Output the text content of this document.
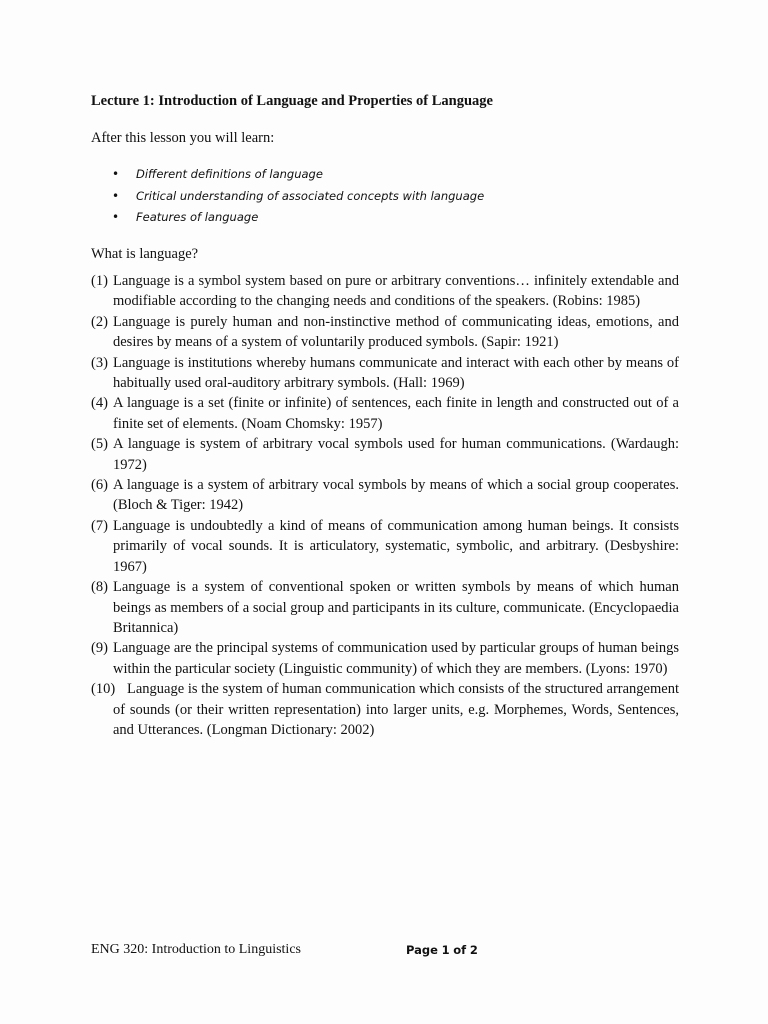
Lecture 1: Introduction of Language and Properties of Language
After this lesson you will learn:
• Different definitions of language
• Critical understanding of associated concepts with language
• Features of language
What is language?
(1) Language is a symbol system based on pure or arbitrary conventions… infinitely extendable and modifiable according to the changing needs and conditions of the speakers. (Robins: 1985)
(2) Language is purely human and non-instinctive method of communicating ideas, emotions, and desires by means of a system of voluntarily produced symbols. (Sapir: 1921)
(3) Language is institutions whereby humans communicate and interact with each other by means of habitually used oral-auditory arbitrary symbols. (Hall: 1969)
(4) A language is a set (finite or infinite) of sentences, each finite in length and constructed out of a finite set of elements. (Noam Chomsky: 1957)
(5) A language is system of arbitrary vocal symbols used for human communications. (Wardaugh: 1972)
(6) A language is a system of arbitrary vocal symbols by means of which a social group cooperates. (Bloch & Tiger: 1942)
(7) Language is undoubtedly a kind of means of communication among human beings. It consists primarily of vocal sounds. It is articulatory, systematic, symbolic, and arbitrary. (Desbyshire: 1967)
(8) Language is a system of conventional spoken or written symbols by means of which human beings as members of a social group and participants in its culture, communicate. (Encyclopaedia Britannica)
(9) Language are the principal systems of communication used by particular groups of human beings within the particular society (Linguistic community) of which they are members. (Lyons: 1970)
(10) Language is the system of human communication which consists of the structured arrangement of sounds (or their written representation) into larger units, e.g. Morphemes, Words, Sentences, and Utterances. (Longman Dictionary: 2002)
ENG 320: Introduction to Linguistics	Page 1 of 2
